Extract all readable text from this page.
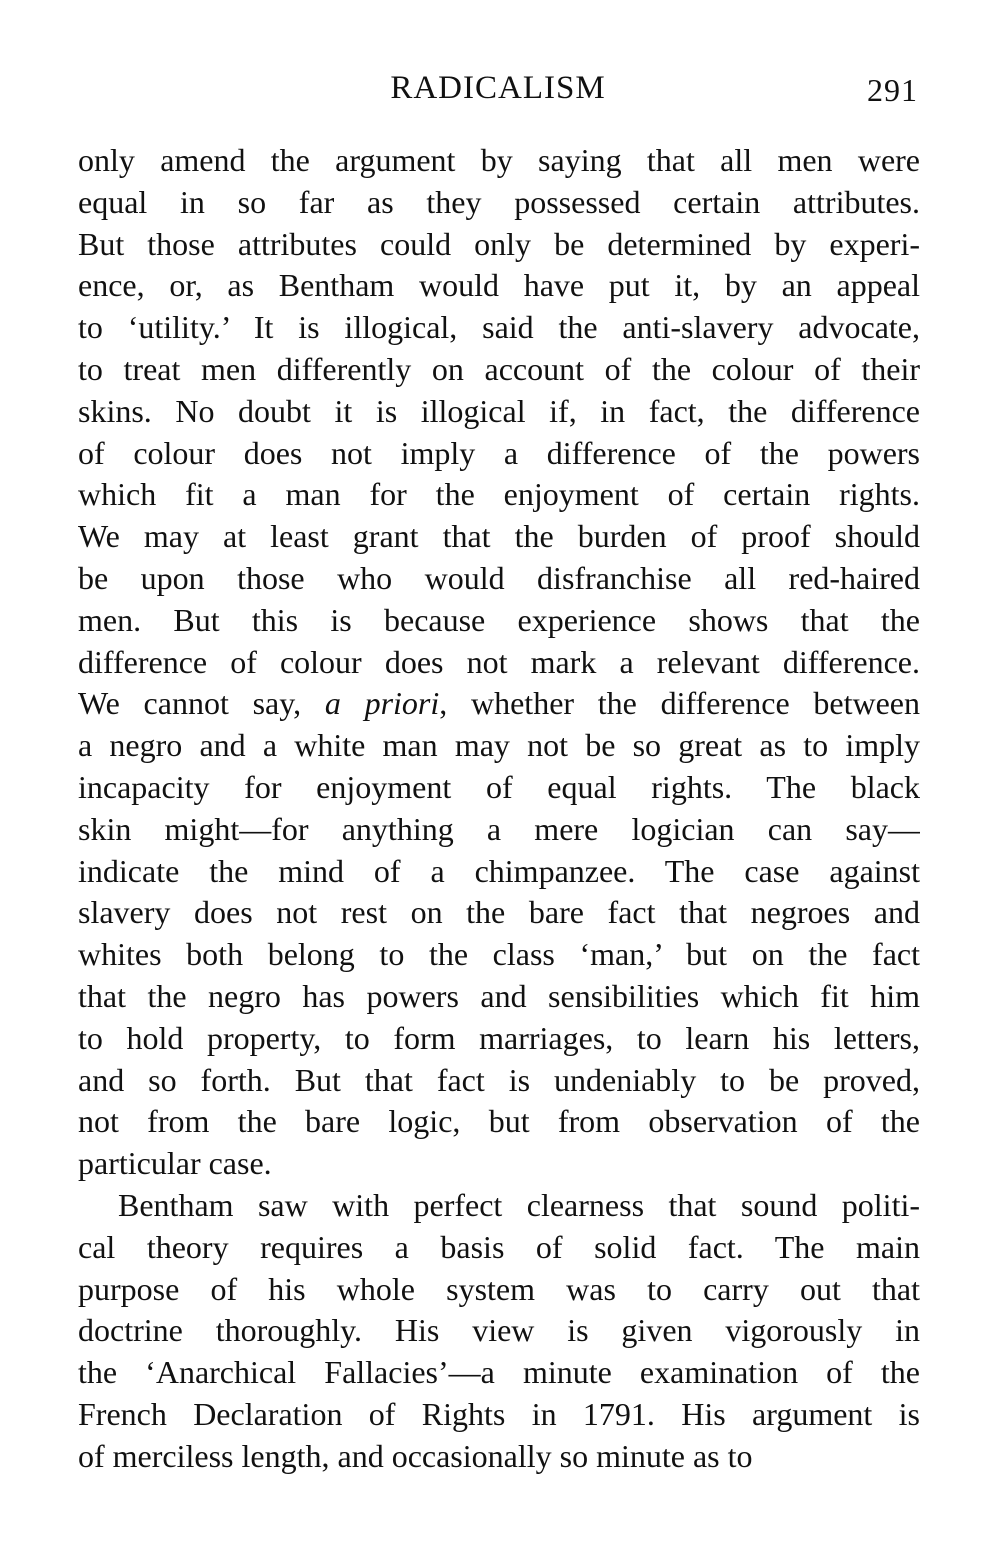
RADICALISM	291
only amend the argument by saying that all men were
equal in so far as they possessed certain attributes.
But those attributes could only be determined by experi-
ence, or, as Bentham would have put it, by an appeal
to ‘utility.’ It is illogical, said the anti-slavery advocate,
to treat men differently on account of the colour of their
skins. No doubt it is illogical if, in fact, the difference
of colour does not imply a difference of the powers
which fit a man for the enjoyment of certain rights.
We may at least grant that the burden of proof should
be upon those who would disfranchise all red-haired
men. But this is because experience shows that the
difference of colour does not mark a relevant difference.
We cannot say, a priori, whether the difference between
a negro and a white man may not be so great as to imply
incapacity for enjoyment of equal rights. The black
skin might—for anything a mere logician can say—
indicate the mind of a chimpanzee. The case against
slavery does not rest on the bare fact that negroes and
whites both belong to the class ‘man,’ but on the fact
that the negro has powers and sensibilities which fit him
to hold property, to form marriages, to learn his letters,
and so forth. But that fact is undeniably to be proved,
not from the bare logic, but from observation of the
particular case.
Bentham saw with perfect clearness that sound politi-
cal theory requires a basis of solid fact. The main
purpose of his whole system was to carry out that
doctrine thoroughly. His view is given vigorously in
the ‘Anarchical Fallacies’—a minute examination of the
French Declaration of Rights in 1791. His argument is
of merciless length, and occasionally so minute as to
